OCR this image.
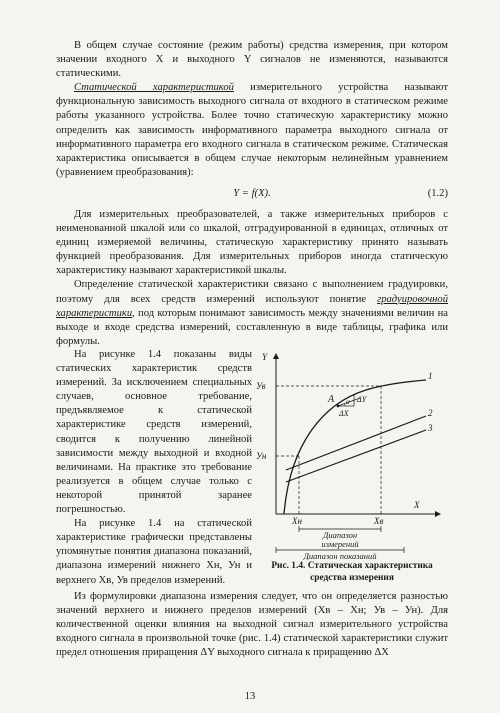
В общем случае состояние (режим работы) средства измерения, при котором значении входного X и выходного Y сигналов не изменяются, называются статическими.

Статической характеристикой измерительного устройства называют функциональную зависимость выходного сигнала от входного в статическом режиме работы указанного устройства. Более точно статическую характеристику можно определить как зависимость информативного параметра выходного сигнала от информативного параметра его входного сигнала в статическом режиме. Статическая характеристика описывается в общем случае некоторым нелинейным уравнением (уравнением преобразования):

Y = f(X).	(1.2)

Для измерительных преобразователей, а также измерительных приборов с неименованной шкалой или со шкалой, отградуированной в единицах, отличных от единиц измеряемой величины, статическую характеристику принято называть функцией преобразования. Для измерительных приборов иногда статическую характеристику называют характеристикой шкалы.

Определение статической характеристики связано с выполнением градуировки, поэтому для всех средств измерений используют понятие градуировочной характеристики, под которым понимают зависимость между значениями величин на выходе и входе средства измерений, составленную в виде таблицы, графика или формулы.

На рисунке 1.4 показаны виды статических характеристик средств измерений. За исключением специальных случаев, основное требование, предъявляемое к статической характеристике средств измерений, сводится к получению линейной зависимости между выходной и входной величинами. На практике это требование реализуется в общем случае только с некоторой принятой заранее погрешностью.

На рисунке 1.4 на статической характеристике графически представлены упомянутые понятия диапазона показаний, диапазона измерений нижнего Хн, Ун и верхнего Хв, Ув пределов измерений.

Y
X
1
2
3
A α ΔY
ΔX
Ув
Ун
Хн	Хв
Диапазон
измерений
Диапазон показаний
Рис. 1.4. Статическая характеристика
средства измерения

Из формулировки диапазона измерения следует, что он определяется разностью значений верхнего и нижнего пределов измерений (Хв – Хн; Ув – Ун). Для количественной оценки влияния на выходной сигнал измерительного устройства входного сигнала в произвольной точке (рис. 1.4) статической характеристики служит предел отношения приращения ΔY выходного сигнала к приращению ΔX

13
